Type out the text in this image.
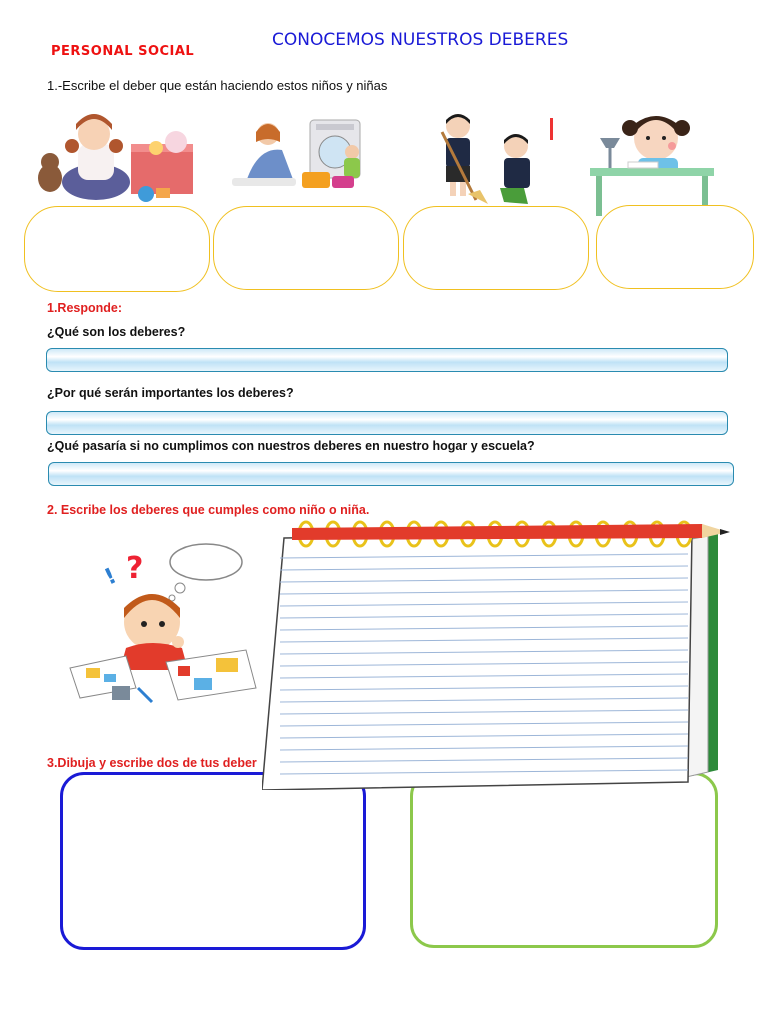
CONOCEMOS NUESTROS DEBERES
PERSONAL SOCIAL
1.-Escribe el deber que están haciendo estos niños y niñas
1.Responde:
¿Qué son los deberes?
¿Por qué serán importantes los deberes?
¿Qué pasaría si no cumplimos con nuestros deberes en nuestro hogar y escuela?
2. Escribe los deberes que cumples como niño o niña.
?
!
3.Dibuja y escribe dos de tus deber
